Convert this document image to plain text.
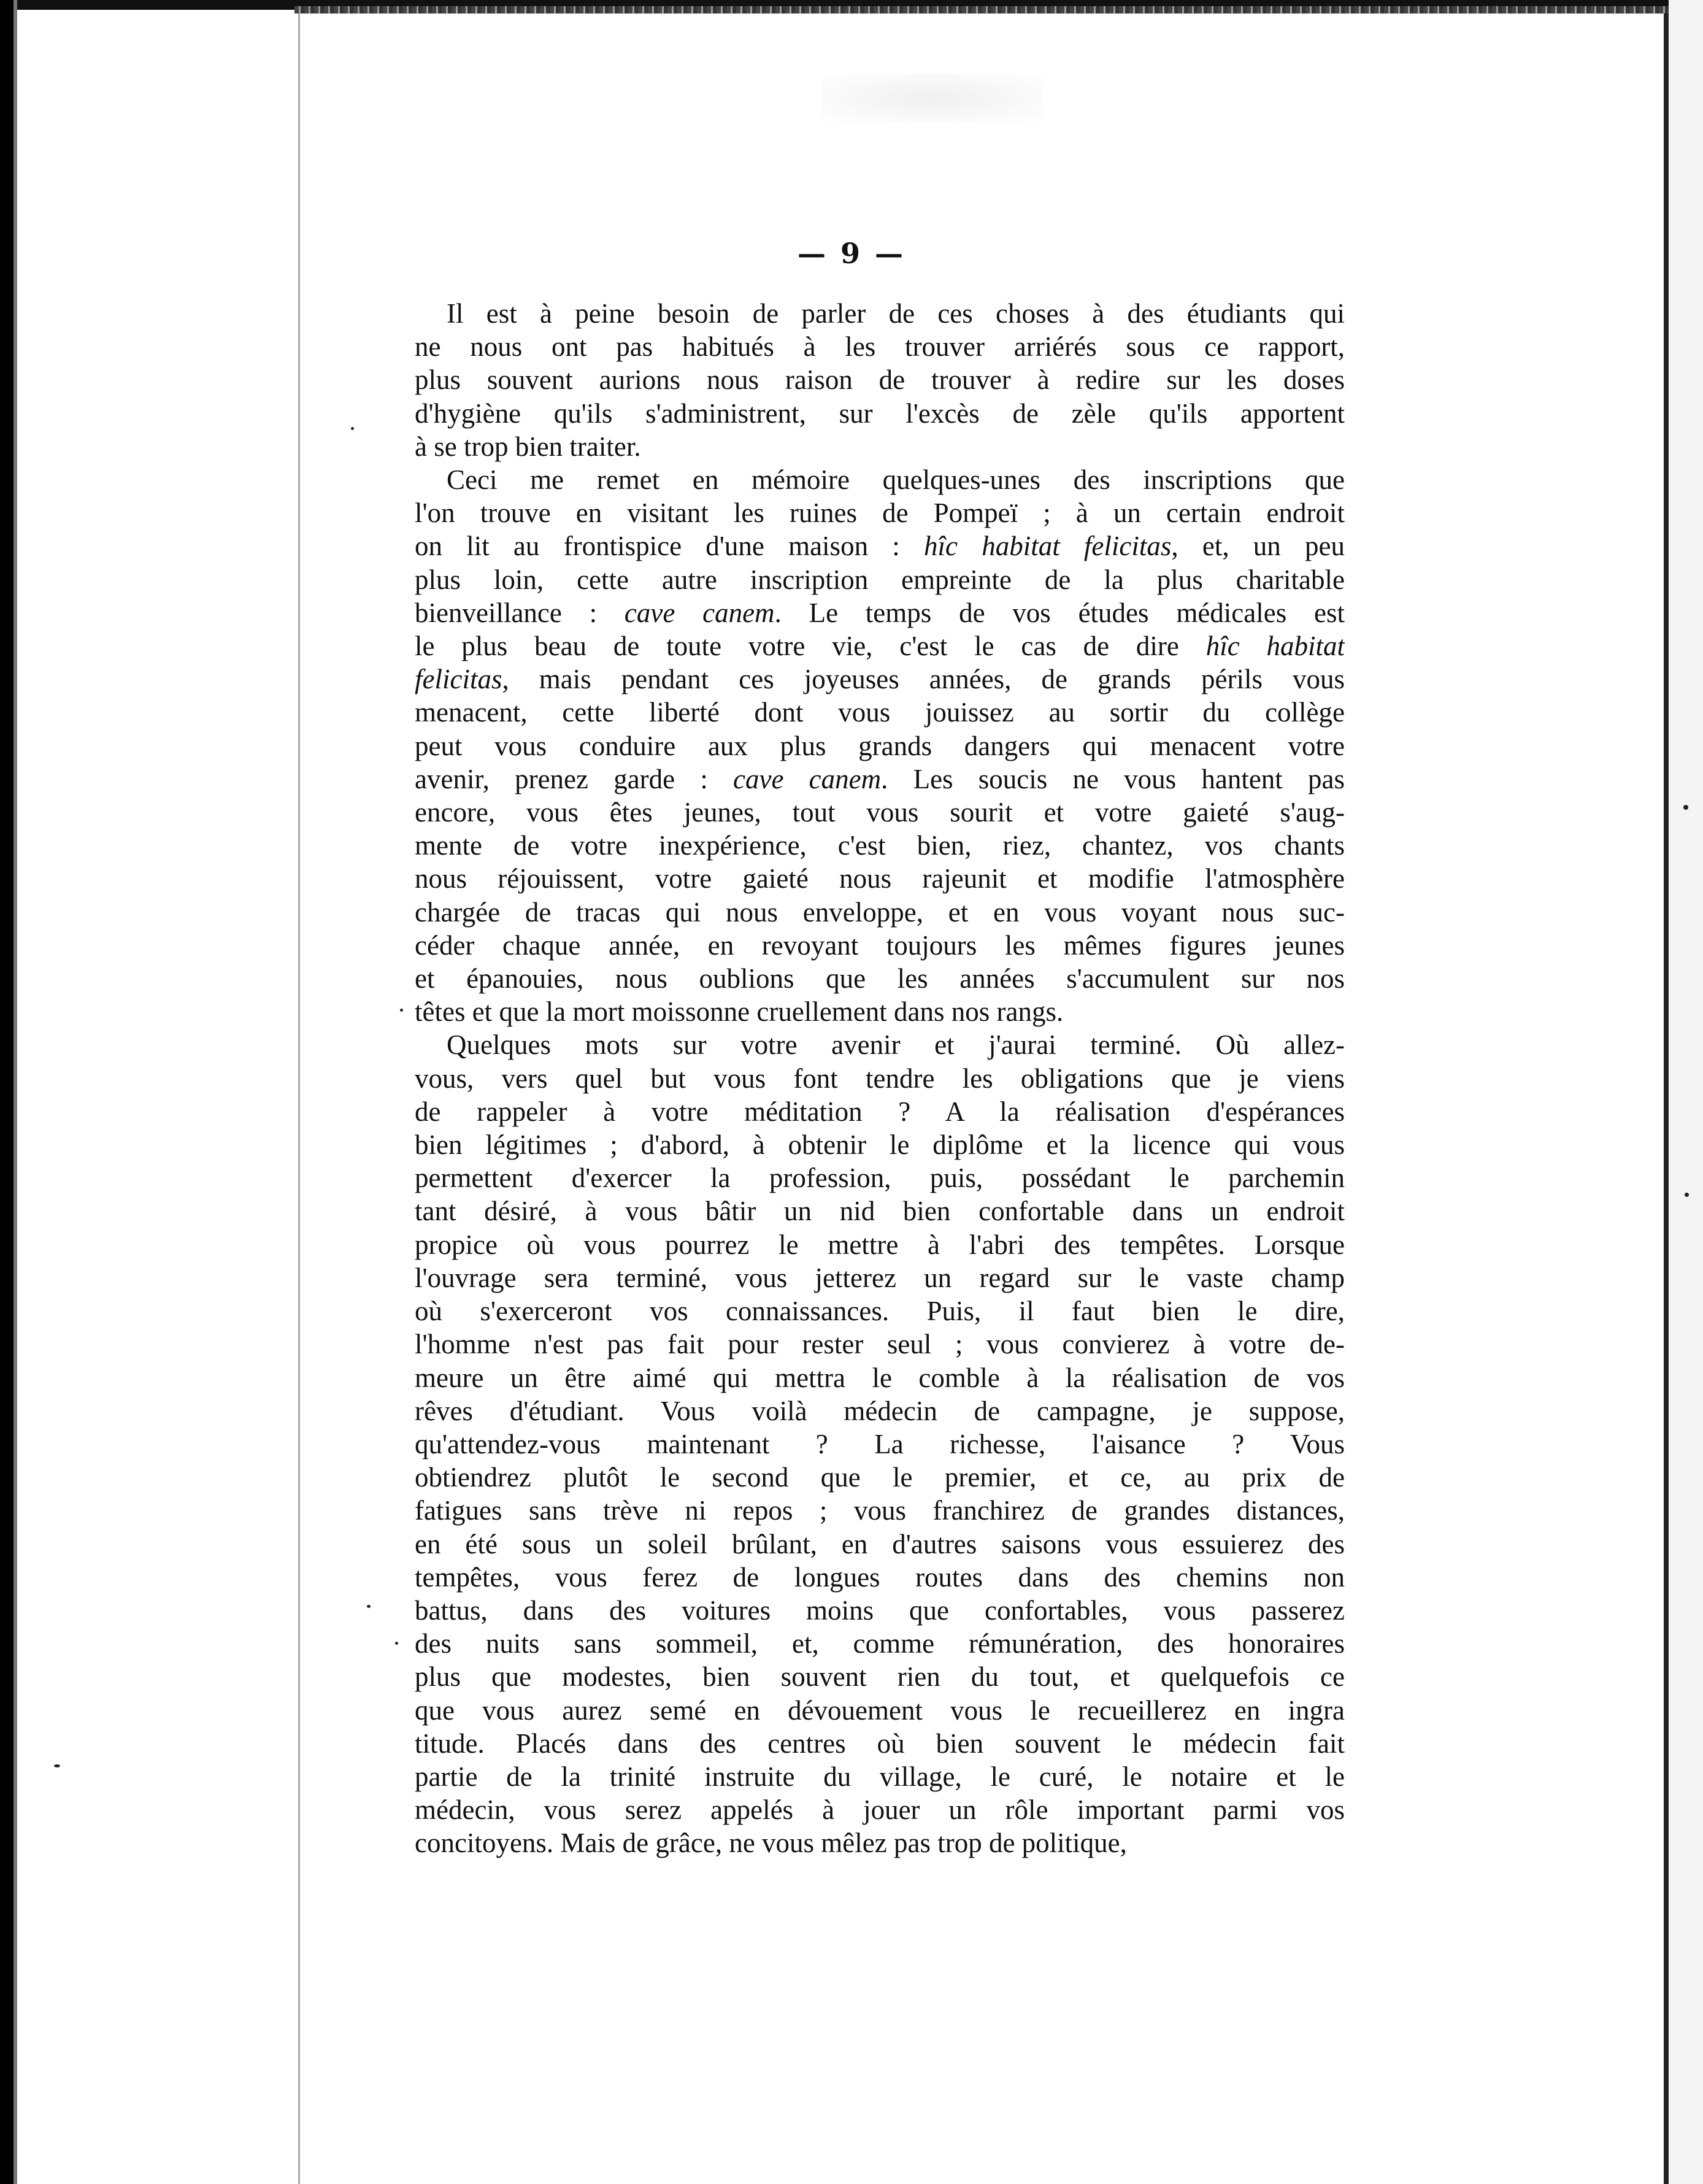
— 9 —
Il est à peine besoin de parler de ces choses à des étudiants qui
ne nous ont pas habitués à les trouver arriérés sous ce rapport,
plus souvent aurions nous raison de trouver à redire sur les doses
d'hygiène qu'ils s'administrent, sur l'excès de zèle qu'ils apportent
à se trop bien traiter.
Ceci me remet en mémoire quelques-unes des inscriptions que
l'on trouve en visitant les ruines de Pompeï ; à un certain endroit
on lit au frontispice d'une maison : hîc habitat felicitas, et, un peu
plus loin, cette autre inscription empreinte de la plus charitable
bienveillance : cave canem. Le temps de vos études médicales est
le plus beau de toute votre vie, c'est le cas de dire hîc habitat
felicitas, mais pendant ces joyeuses années, de grands périls vous
menacent, cette liberté dont vous jouissez au sortir du collège
peut vous conduire aux plus grands dangers qui menacent votre
avenir, prenez garde : cave canem. Les soucis ne vous hantent pas
encore, vous êtes jeunes, tout vous sourit et votre gaieté s'aug-
mente de votre inexpérience, c'est bien, riez, chantez, vos chants
nous réjouissent, votre gaieté nous rajeunit et modifie l'atmosphère
chargée de tracas qui nous enveloppe, et en vous voyant nous suc-
céder chaque année, en revoyant toujours les mêmes figures jeunes
et épanouies, nous oublions que les années s'accumulent sur nos
têtes et que la mort moissonne cruellement dans nos rangs.
Quelques mots sur votre avenir et j'aurai terminé. Où allez-
vous, vers quel but vous font tendre les obligations que je viens
de rappeler à votre méditation ? A la réalisation d'espérances
bien légitimes ; d'abord, à obtenir le diplôme et la licence qui vous
permettent d'exercer la profession, puis, possédant le parchemin
tant désiré, à vous bâtir un nid bien confortable dans un endroit
propice où vous pourrez le mettre à l'abri des tempêtes. Lorsque
l'ouvrage sera terminé, vous jetterez un regard sur le vaste champ
où s'exerceront vos connaissances. Puis, il faut bien le dire,
l'homme n'est pas fait pour rester seul ; vous convierez à votre de-
meure un être aimé qui mettra le comble à la réalisation de vos
rêves d'étudiant. Vous voilà médecin de campagne, je suppose,
qu'attendez-vous maintenant ? La richesse, l'aisance ? Vous
obtiendrez plutôt le second que le premier, et ce, au prix de
fatigues sans trève ni repos ; vous franchirez de grandes distances,
en été sous un soleil brûlant, en d'autres saisons vous essuierez des
tempêtes, vous ferez de longues routes dans des chemins non
battus, dans des voitures moins que confortables, vous passerez
des nuits sans sommeil, et, comme rémunération, des honoraires
plus que modestes, bien souvent rien du tout, et quelquefois ce
que vous aurez semé en dévouement vous le recueillerez en ingra
titude. Placés dans des centres où bien souvent le médecin fait
partie de la trinité instruite du village, le curé, le notaire et le
médecin, vous serez appelés à jouer un rôle important parmi vos
concitoyens. Mais de grâce, ne vous mêlez pas trop de politique,
